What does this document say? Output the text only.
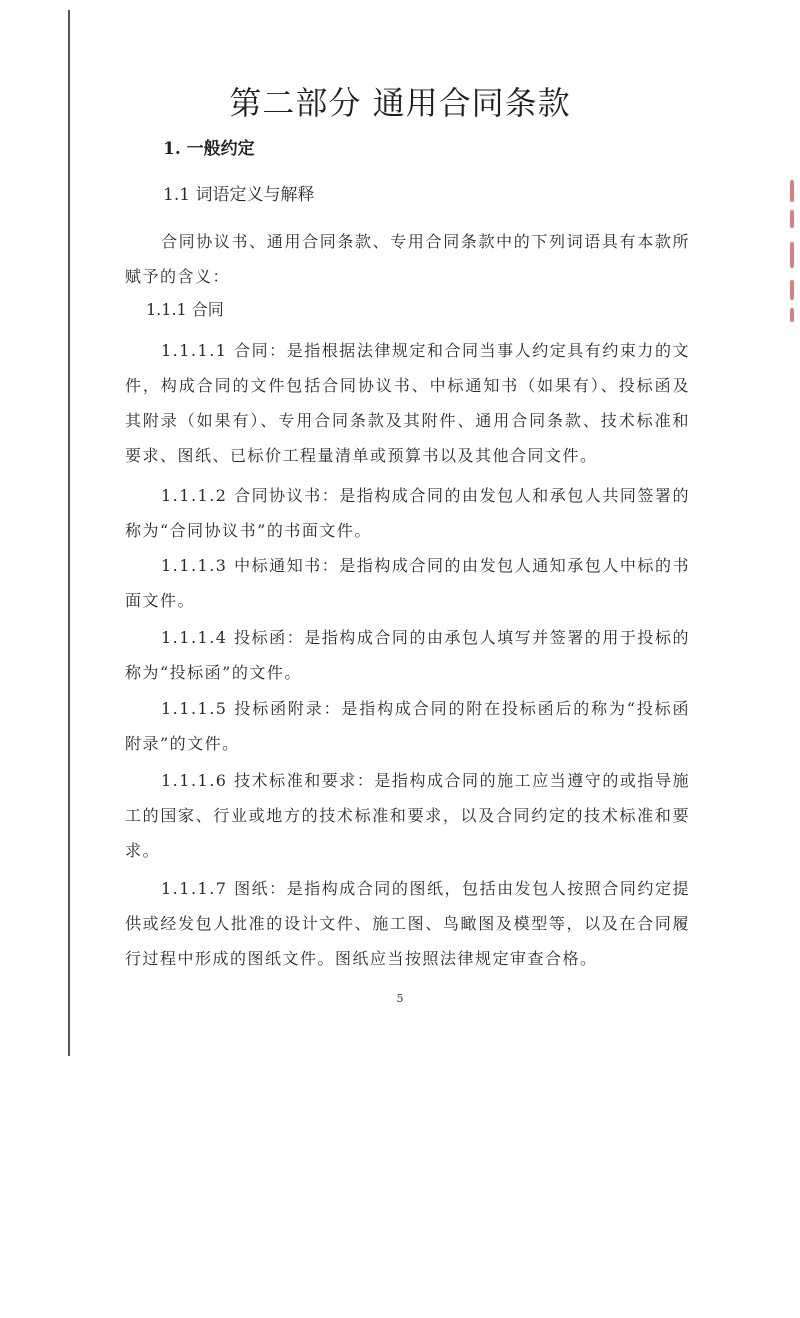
第二部分 通用合同条款
1. 一般约定
1.1 词语定义与解释
合同协议书、通用合同条款、专用合同条款中的下列词语具有本款所赋予的含义：
1.1.1 合同
1.1.1.1 合同：是指根据法律规定和合同当事人约定具有约束力的文件，构成合同的文件包括合同协议书、中标通知书（如果有）、投标函及其附录（如果有）、专用合同条款及其附件、通用合同条款、技术标准和要求、图纸、已标价工程量清单或预算书以及其他合同文件。
1.1.1.2 合同协议书：是指构成合同的由发包人和承包人共同签署的称为“合同协议书”的书面文件。
1.1.1.3 中标通知书：是指构成合同的由发包人通知承包人中标的书面文件。
1.1.1.4 投标函：是指构成合同的由承包人填写并签署的用于投标的称为“投标函”的文件。
1.1.1.5 投标函附录：是指构成合同的附在投标函后的称为“投标函附录”的文件。
1.1.1.6 技术标准和要求：是指构成合同的施工应当遵守的或指导施工的国家、行业或地方的技术标准和要求，以及合同约定的技术标准和要求。
1.1.1.7 图纸：是指构成合同的图纸，包括由发包人按照合同约定提供或经发包人批准的设计文件、施工图、鸟瞰图及模型等，以及在合同履行过程中形成的图纸文件。图纸应当按照法律规定审查合格。
5
